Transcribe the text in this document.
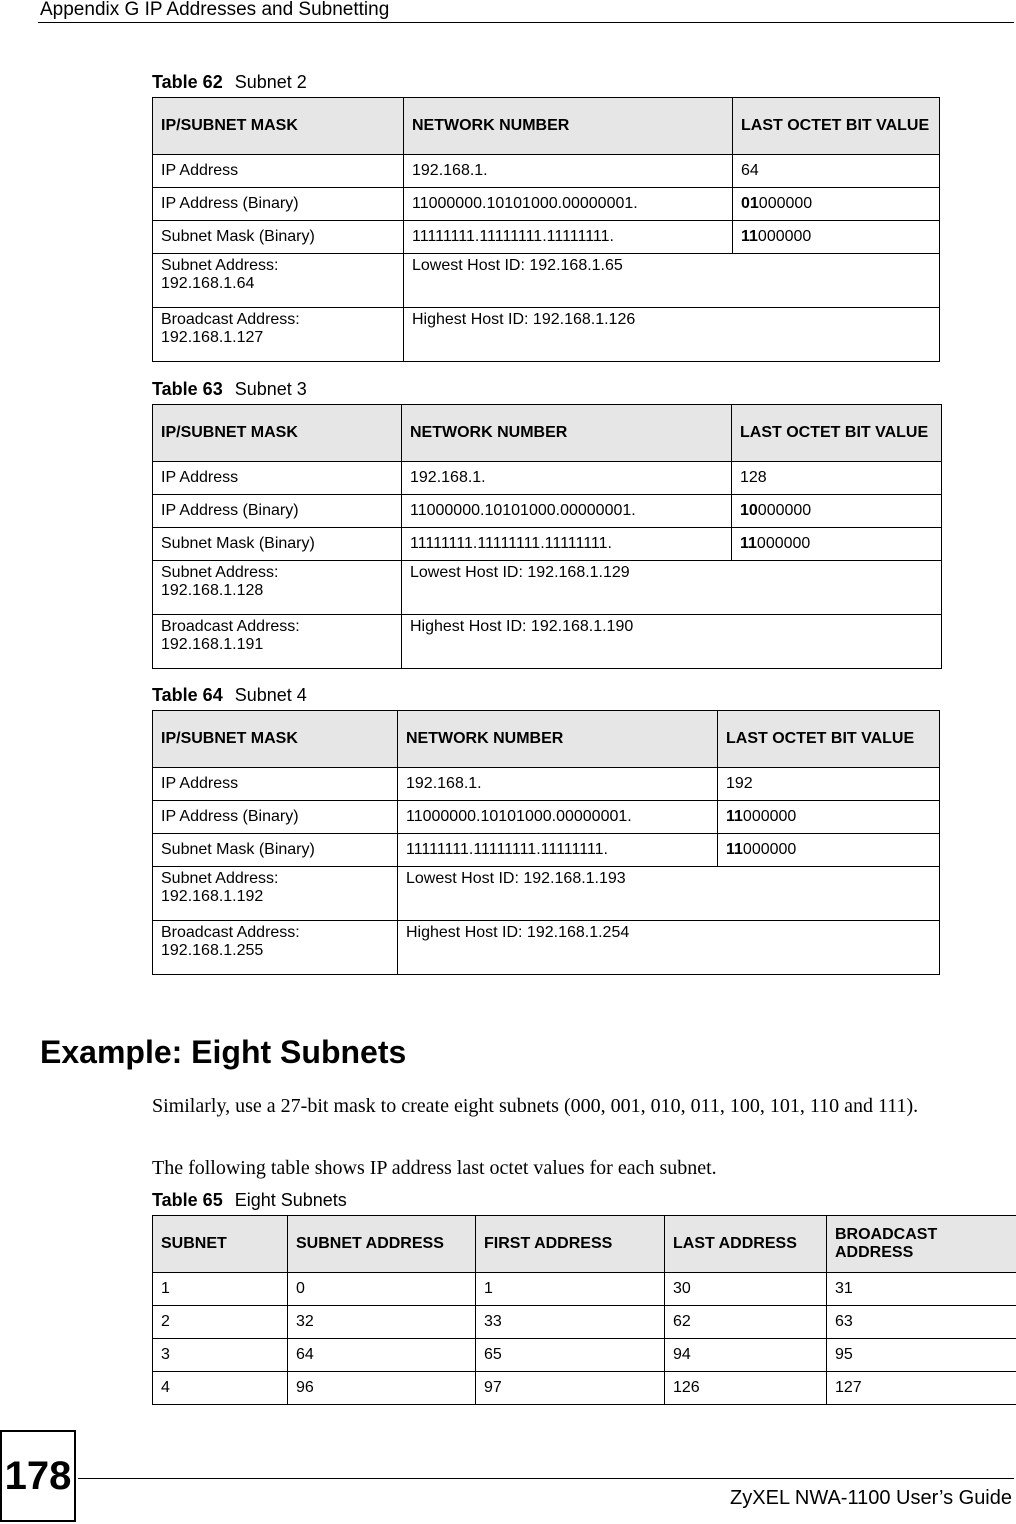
Appendix G IP Addresses and Subnetting
Table 62 Subnet 2
IP/SUBNET MASK	NETWORK NUMBER	LAST OCTET BIT VALUE
IP Address	192.168.1.	64
IP Address (Binary)	11000000.10101000.00000001.	01000000
Subnet Mask (Binary)	11111111.11111111.11111111.	11000000
Subnet Address:
192.168.1.64	Lowest Host ID: 192.168.1.65	
Broadcast Address:
192.168.1.127	Highest Host ID: 192.168.1.126	
Table 63 Subnet 3
IP/SUBNET MASK	NETWORK NUMBER	LAST OCTET BIT VALUE
IP Address	192.168.1.	128
IP Address (Binary)	11000000.10101000.00000001.	10000000
Subnet Mask (Binary)	11111111.11111111.11111111.	11000000
Subnet Address:
192.168.1.128	Lowest Host ID: 192.168.1.129	
Broadcast Address:
192.168.1.191	Highest Host ID: 192.168.1.190	
Table 64 Subnet 4
IP/SUBNET MASK	NETWORK NUMBER	LAST OCTET BIT VALUE
IP Address	192.168.1.	192
IP Address (Binary)	11000000.10101000.00000001.	11000000
Subnet Mask (Binary)	11111111.11111111.11111111.	11000000
Subnet Address:
192.168.1.192	Lowest Host ID: 192.168.1.193	
Broadcast Address:
192.168.1.255	Highest Host ID: 192.168.1.254	
Example: Eight Subnets
Similarly, use a 27-bit mask to create eight subnets (000, 001, 010, 011, 100, 101, 110 and 111).
The following table shows IP address last octet values for each subnet.
Table 65 Eight Subnets
SUBNET	SUBNET ADDRESS	FIRST ADDRESS	LAST ADDRESS	BROADCAST ADDRESS
1	0	1	30	31
2	32	33	62	63
3	64	65	94	95
4	96	97	126	127
178
ZyXEL NWA-1100 User’s Guide
